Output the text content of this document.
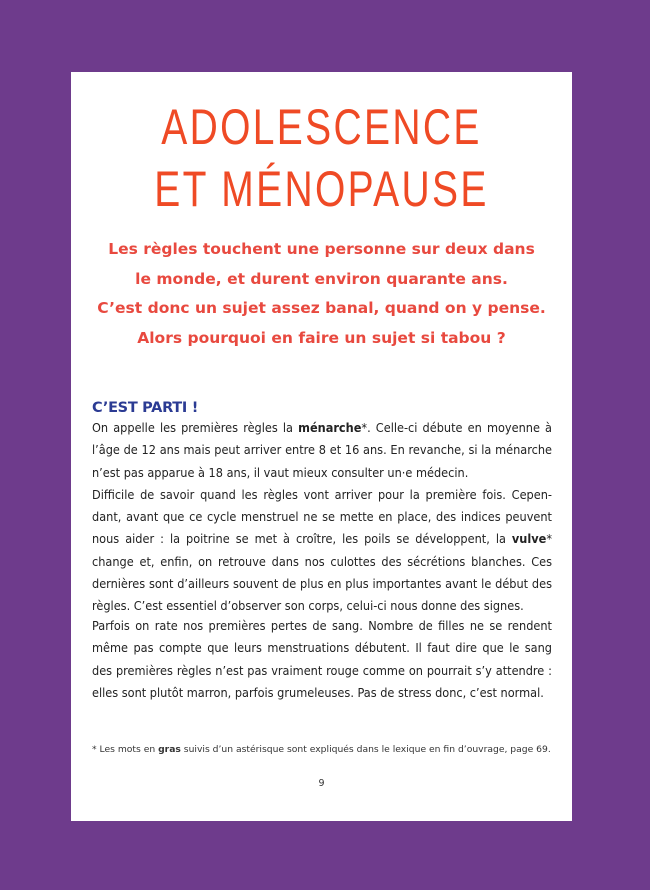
ADOLESCENCE
ET MÉNOPAUSE
Les règles touchent une personne sur deux dans
le monde, et durent environ quarante ans.
C’est donc un sujet assez banal, quand on y pense.
Alors pourquoi en faire un sujet si tabou ?
C’EST PARTI !
On appelle les premières règles la ménarche*. Celle-ci débute en moyenne à
l’âge de 12 ans mais peut arriver entre 8 et 16 ans. En revanche, si la ménarche
n’est pas apparue à 18 ans, il vaut mieux consulter un·e médecin.
Difficile de savoir quand les règles vont arriver pour la première fois. Cepen-
dant, avant que ce cycle menstruel ne se mette en place, des indices peuvent
nous aider : la poitrine se met à croître, les poils se développent, la vulve*
change et, enfin, on retrouve dans nos culottes des sécrétions blanches. Ces
dernières sont d’ailleurs souvent de plus en plus importantes avant le début des
règles. C’est essentiel d’observer son corps, celui-ci nous donne des signes.
Parfois on rate nos premières pertes de sang. Nombre de filles ne se rendent
même pas compte que leurs menstruations débutent. Il faut dire que le sang
des premières règles n’est pas vraiment rouge comme on pourrait s’y attendre :
elles sont plutôt marron, parfois grumeleuses. Pas de stress donc, c’est normal.
* Les mots en gras suivis d’un astérisque sont expliqués dans le lexique en fin d’ouvrage, page 69.
9
